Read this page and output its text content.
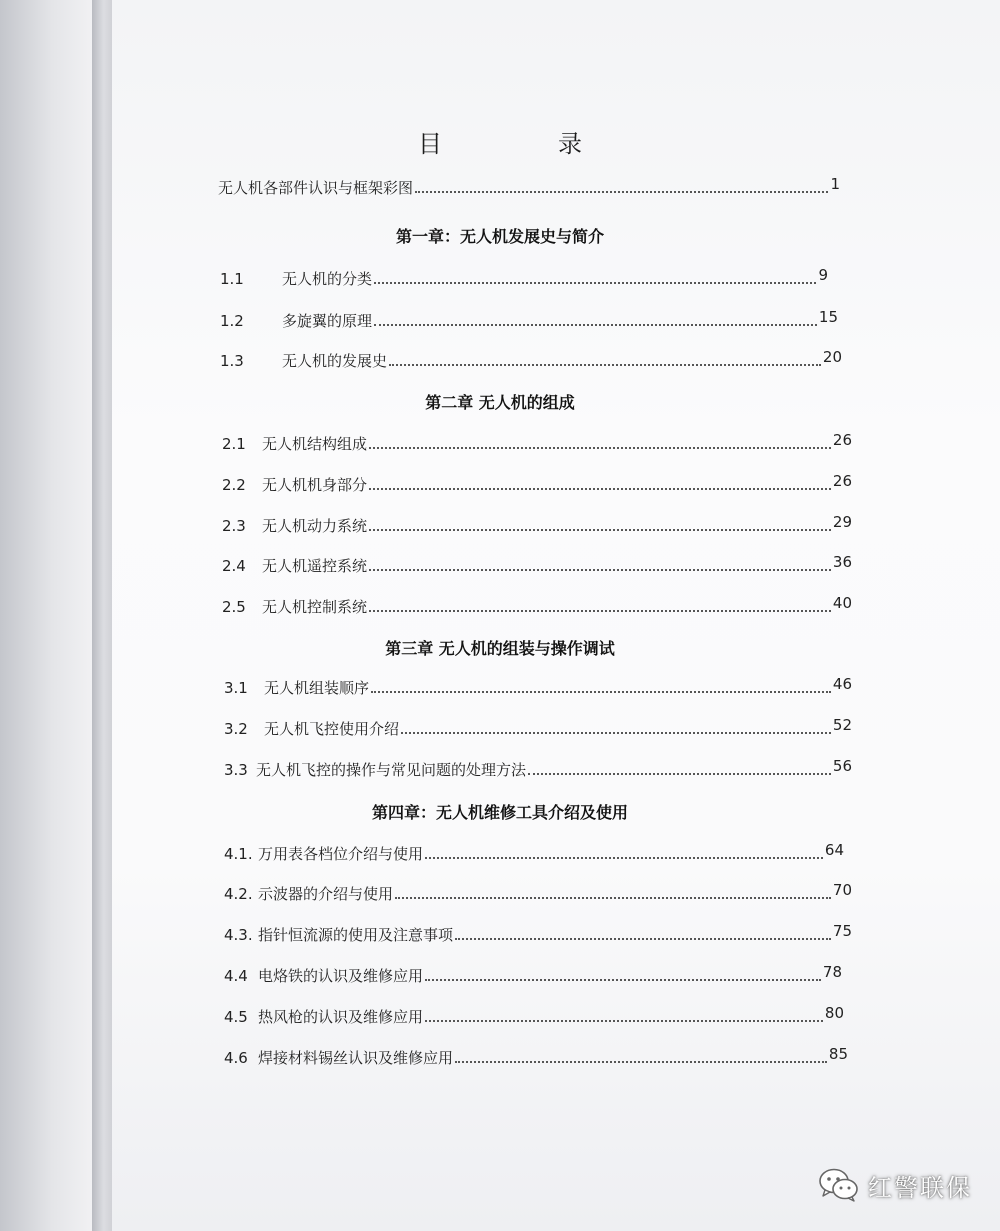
目　录
无人机各部件认识与框架彩图	1
第一章：无人机发展史与简介
1.1	无人机的分类	9
1.2	多旋翼的原理	15
1.3	无人机的发展史	20
第二章 无人机的组成
2.1	无人机结构组成	26
2.2	无人机机身部分	26
2.3	无人机动力系统	29
2.4	无人机遥控系统	36
2.5	无人机控制系统	40
第三章 无人机的组装与操作调试
3.1	无人机组装顺序	46
3.2	无人机飞控使用介绍	52
3.3 无人机飞控的操作与常见问题的处理方法	56
第四章：无人机维修工具介绍及使用
4.1. 万用表各档位介绍与使用	64
4.2. 示波器的介绍与使用	70
4.3. 指针恒流源的使用及注意事项	75
4.4 电烙铁的认识及维修应用	78
4.5 热风枪的认识及维修应用	80
4.6 焊接材料锡丝认识及维修应用	85
红警联保
